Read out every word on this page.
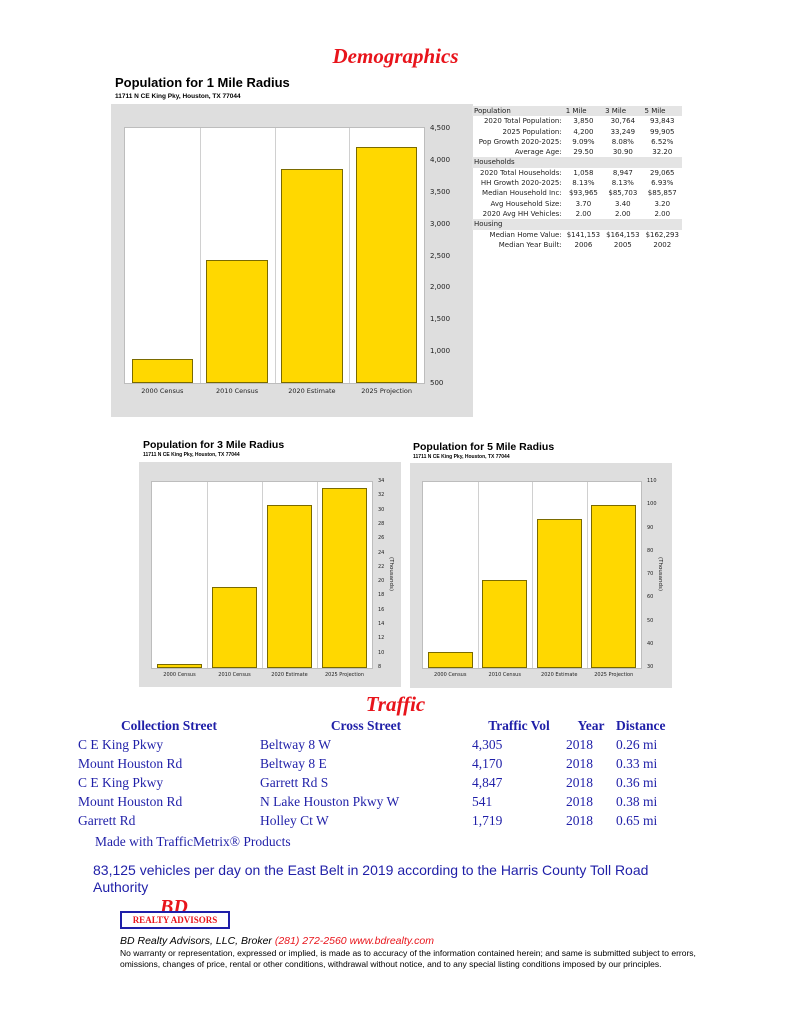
Demographics
Population for 1 Mile Radius
11711 N CE King Pky, Houston, TX 77044
2000 Census	2010 Census	2020 Estimate	2025 Projection
4,500
4,000
3,500
3,000
2,500
2,000
1,500
1,000
500
Population	1 Mile	3 Mile	5 Mile
2020 Total Population:	3,850	30,764	93,843
2025 Population:	4,200	33,249	99,905
Pop Growth 2020-2025:	9.09%	8.08%	6.52%
Average Age:	29.50	30.90	32.20
Households			
2020 Total Households:	1,058	8,947	29,065
HH Growth 2020-2025:	8.13%	8.13%	6.93%
Median Household Inc:	$93,965	$85,703	$85,857
Avg Household Size:	3.70	3.40	3.20
2020 Avg HH Vehicles:	2.00	2.00	2.00
Housing			
Median Home Value:	$141,153	$164,153	$162,293
Median Year Built:	2006	2005	2002
Population for 3 Mile Radius
11711 N CE King Pky, Houston, TX 77044
2000 Census	2010 Census	2020 Estimate	2025 Projection
34
32
30
28
26
24
22
20
18
16
14
12
10
8
(Thousands)
Population for 5 Mile Radius
11711 N CE King Pky, Houston, TX 77044
2000 Census	2010 Census	2020 Estimate	2025 Projection
110
100
90
80
70
60
50
40
30
(Thousands)
Traffic
Collection Street	Cross Street	Traffic Vol	Year	Distance
C E King Pkwy	Beltway 8 W	4,305	2018	0.26 mi
Mount Houston Rd	Beltway 8 E	4,170	2018	0.33 mi
C E King Pkwy	Garrett Rd S	4,847	2018	0.36 mi
Mount Houston Rd	N Lake Houston Pkwy W	541	2018	0.38 mi
Garrett Rd	Holley Ct W	1,719	2018	0.65 mi
Made with TrafficMetrix® Products
83,125 vehicles per day on the East Belt in 2019 according to the Harris County Toll Road Authority
BD
REALTY ADVISORS
BD Realty Advisors, LLC, Broker (281) 272-2560 www.bdrealty.com
No warranty or representation, expressed or implied, is made as to accuracy of the information contained herein; and same is submitted subject to errors, omissions, changes of price, rental or other conditions, withdrawal without notice, and to any special listing conditions imposed by our principles.
